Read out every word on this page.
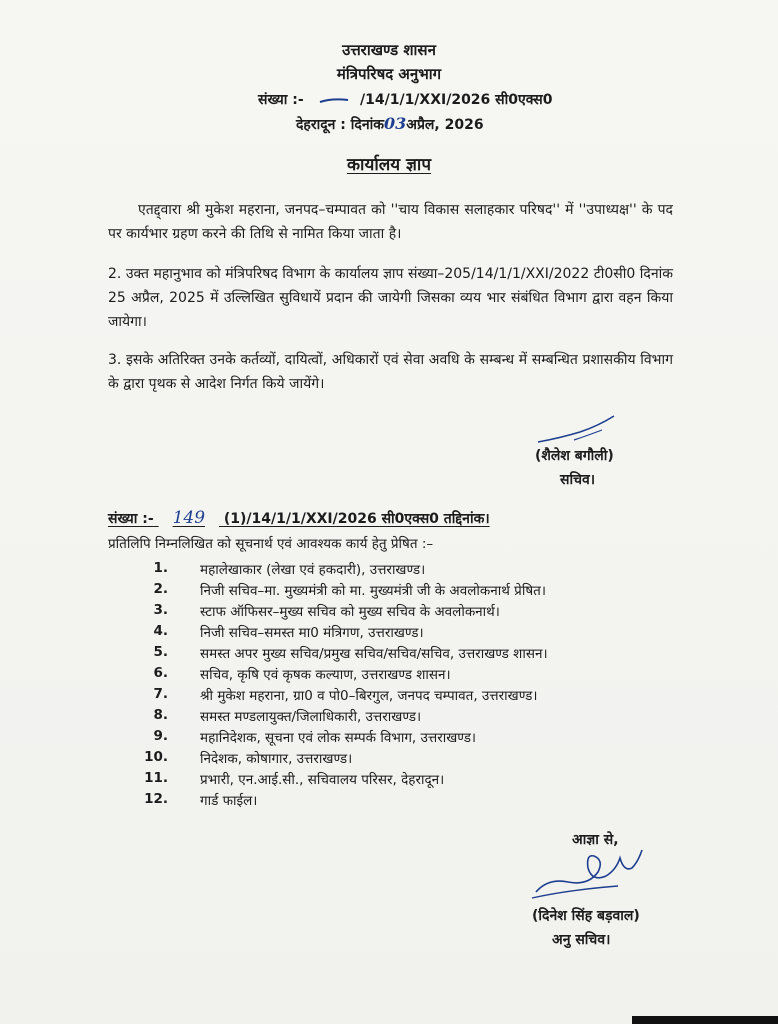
उत्तराखण्ड शासन
मंत्रिपरिषद अनुभाग
संख्या :-	/14/1/1/XXI/2026 सी0एक्स0
देहरादून : दिनांक03अप्रैल, 2026
कार्यालय ज्ञाप
एतद्द्वारा श्री मुकेश महराना, जनपद–चम्पावत को ''चाय विकास सलाहकार परिषद'' में ''उपाध्यक्ष'' के पद पर कार्यभार ग्रहण करने की तिथि से नामित किया जाता है।
2. उक्त महानुभाव को मंत्रिपरिषद विभाग के कार्यालय ज्ञाप संख्या–205/14/1/1/XXI/2022 टी0सी0 दिनांक 25 अप्रैल, 2025 में उल्लिखित सुविधायें प्रदान की जायेगी जिसका व्यय भार संबंधित विभाग द्वारा वहन किया जायेगा।
3. इसके अतिरिक्त उनके कर्तव्यों, दायित्वों, अधिकारों एवं सेवा अवधि के सम्बन्ध में सम्बन्धित प्रशासकीय विभाग के द्वारा पृथक से आदेश निर्गत किये जायेंगे।
(शैलेश बगौली)
सचिव।
संख्या :- 149 (1)/14/1/1/XXI/2026 सी0एक्स0 तद्दिनांक।
प्रतिलिपि निम्नलिखित को सूचनार्थ एवं आवश्यक कार्य हेतु प्रेषित :–
1. महालेखाकार (लेखा एवं हकदारी), उत्तराखण्ड।
2. निजी सचिव–मा. मुख्यमंत्री को मा. मुख्यमंत्री जी के अवलोकनार्थ प्रेषित।
3. स्टाफ ऑफिसर–मुख्य सचिव को मुख्य सचिव के अवलोकनार्थ।
4. निजी सचिव–समस्त मा0 मंत्रिगण, उत्तराखण्ड।
5. समस्त अपर मुख्य सचिव/प्रमुख सचिव/सचिव/सचिव, उत्तराखण्ड शासन।
6. सचिव, कृषि एवं कृषक कल्याण, उत्तराखण्ड शासन।
7. श्री मुकेश महराना, ग्रा0 व पो0–बिरगुल, जनपद चम्पावत, उत्तराखण्ड।
8. समस्त मण्डलायुक्त/जिलाधिकारी, उत्तराखण्ड।
9. महानिदेशक, सूचना एवं लोक सम्पर्क विभाग, उत्तराखण्ड।
10. निदेशक, कोषागार, उत्तराखण्ड।
11. प्रभारी, एन.आई.सी., सचिवालय परिसर, देहरादून।
12. गार्ड फाईल।
आज्ञा से,
(दिनेश सिंह बड़वाल)
अनु सचिव।
